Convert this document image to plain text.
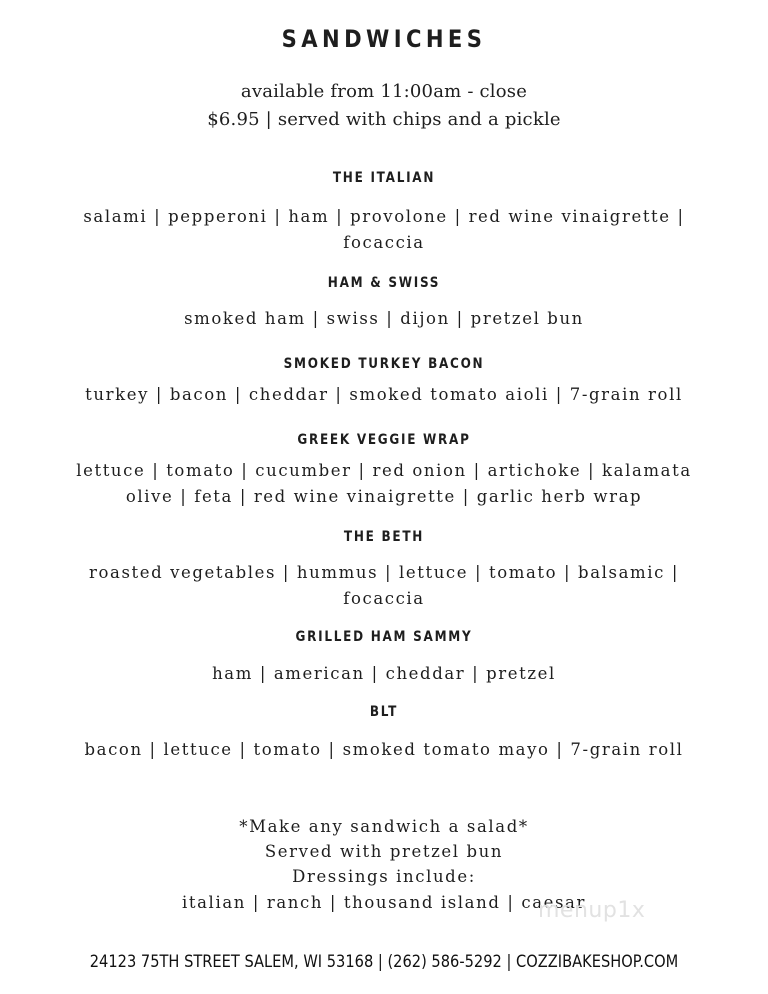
SANDWICHES
available from 11:00am - close
$6.95 | served with chips and a pickle
THE ITALIAN
salami | pepperoni | ham | provolone | red wine vinaigrette | focaccia
HAM & SWISS
smoked ham | swiss | dijon | pretzel bun
SMOKED TURKEY BACON
turkey | bacon | cheddar | smoked tomato aioli | 7-grain roll
GREEK VEGGIE WRAP
lettuce | tomato | cucumber | red onion | artichoke | kalamata olive | feta | red wine vinaigrette | garlic herb wrap
THE BETH
roasted vegetables | hummus | lettuce | tomato | balsamic | focaccia
GRILLED HAM SAMMY
ham | american | cheddar | pretzel
BLT
bacon | lettuce | tomato | smoked tomato mayo | 7-grain roll
*Make any sandwich a salad*
Served with pretzel bun
Dressings include:
italian | ranch | thousand island | caesar
menup1x
24123 75TH STREET SALEM, WI 53168 | (262) 586-5292 | COZZIBAKESHOP.COM
